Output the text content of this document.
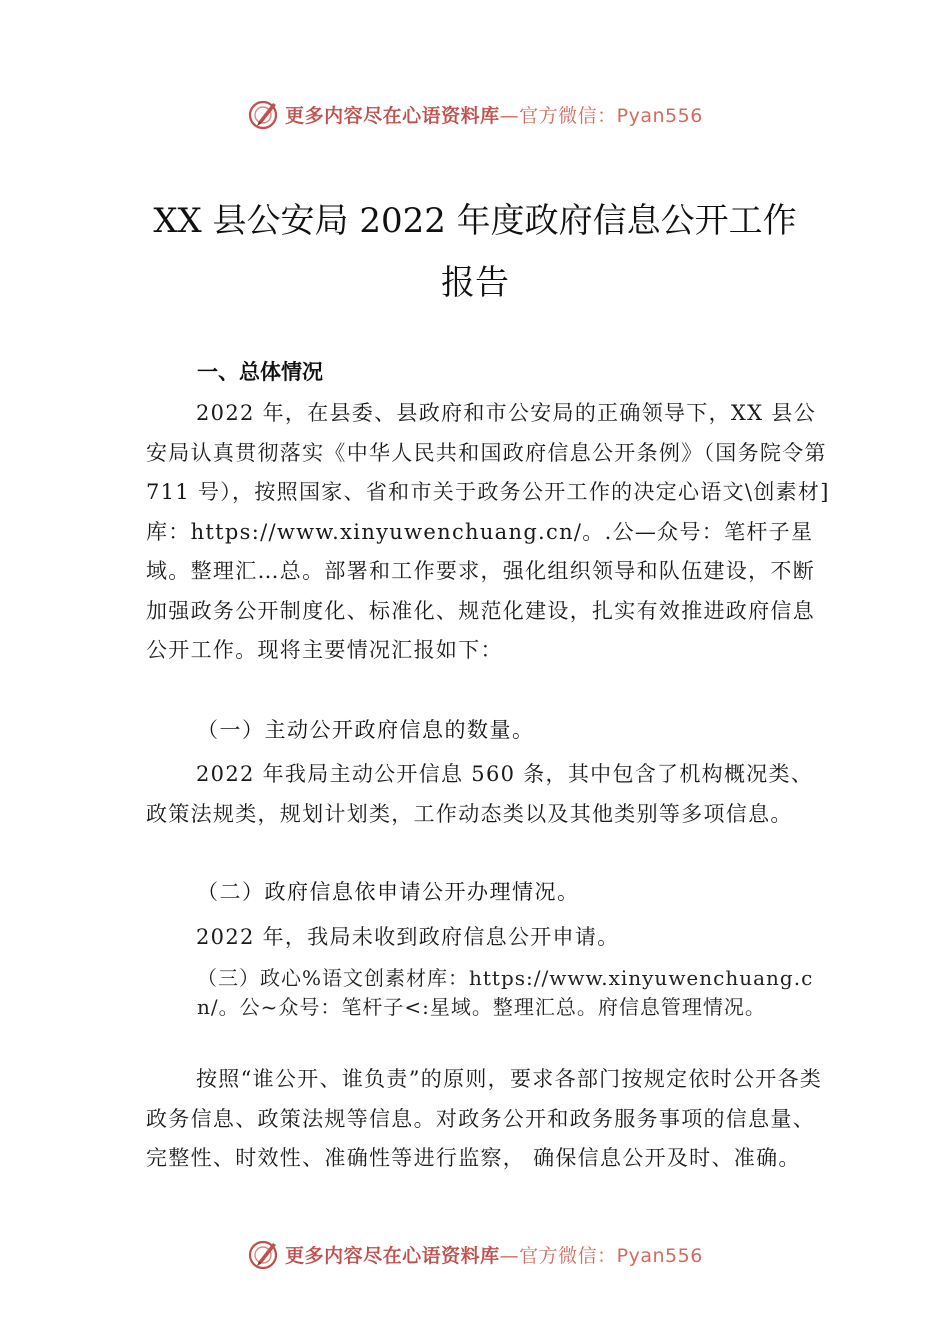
更多内容尽在心语资料库—官方微信：Pyan556
XX 县公安局 2022 年度政府信息公开工作
报告
一、总体情况

2022 年，在县委、县政府和市公安局的正确领导下，XX 县公安局认真贯彻落实《中华人民共和国政府信息公开条例》（国务院令第 711 号），按照国家、省和市关于政务公开工作的决定心语文\创素材]库：https://www.xinyuwenchuang.cn/。.公—众号：笔杆子星域。整理汇…总。部署和工作要求，强化组织领导和队伍建设，不断加强政务公开制度化、标准化、规范化建设，扎实有效推进政府信息公开工作。现将主要情况汇报如下：

（一）主动公开政府信息的数量。

2022 年我局主动公开信息 560 条，其中包含了机构概况类、政策法规类，规划计划类，工作动态类以及其他类别等多项信息。

（二）政府信息依申请公开办理情况。

2022 年，我局未收到政府信息公开申请。

（三）政心%语文创素材库：https://www.xinyuwenchuang.cn/。公~众号：笔杆子<:星域。整理汇总。府信息管理情况。

按照“谁公开、谁负责”的原则，要求各部门按规定依时公开各类政务信息、政策法规等信息。对政务公开和政务服务事项的信息量、完整性、时效性、准确性等进行监察， 确保信息公开及时、准确。

更多内容尽在心语资料库—官方微信：Pyan556
